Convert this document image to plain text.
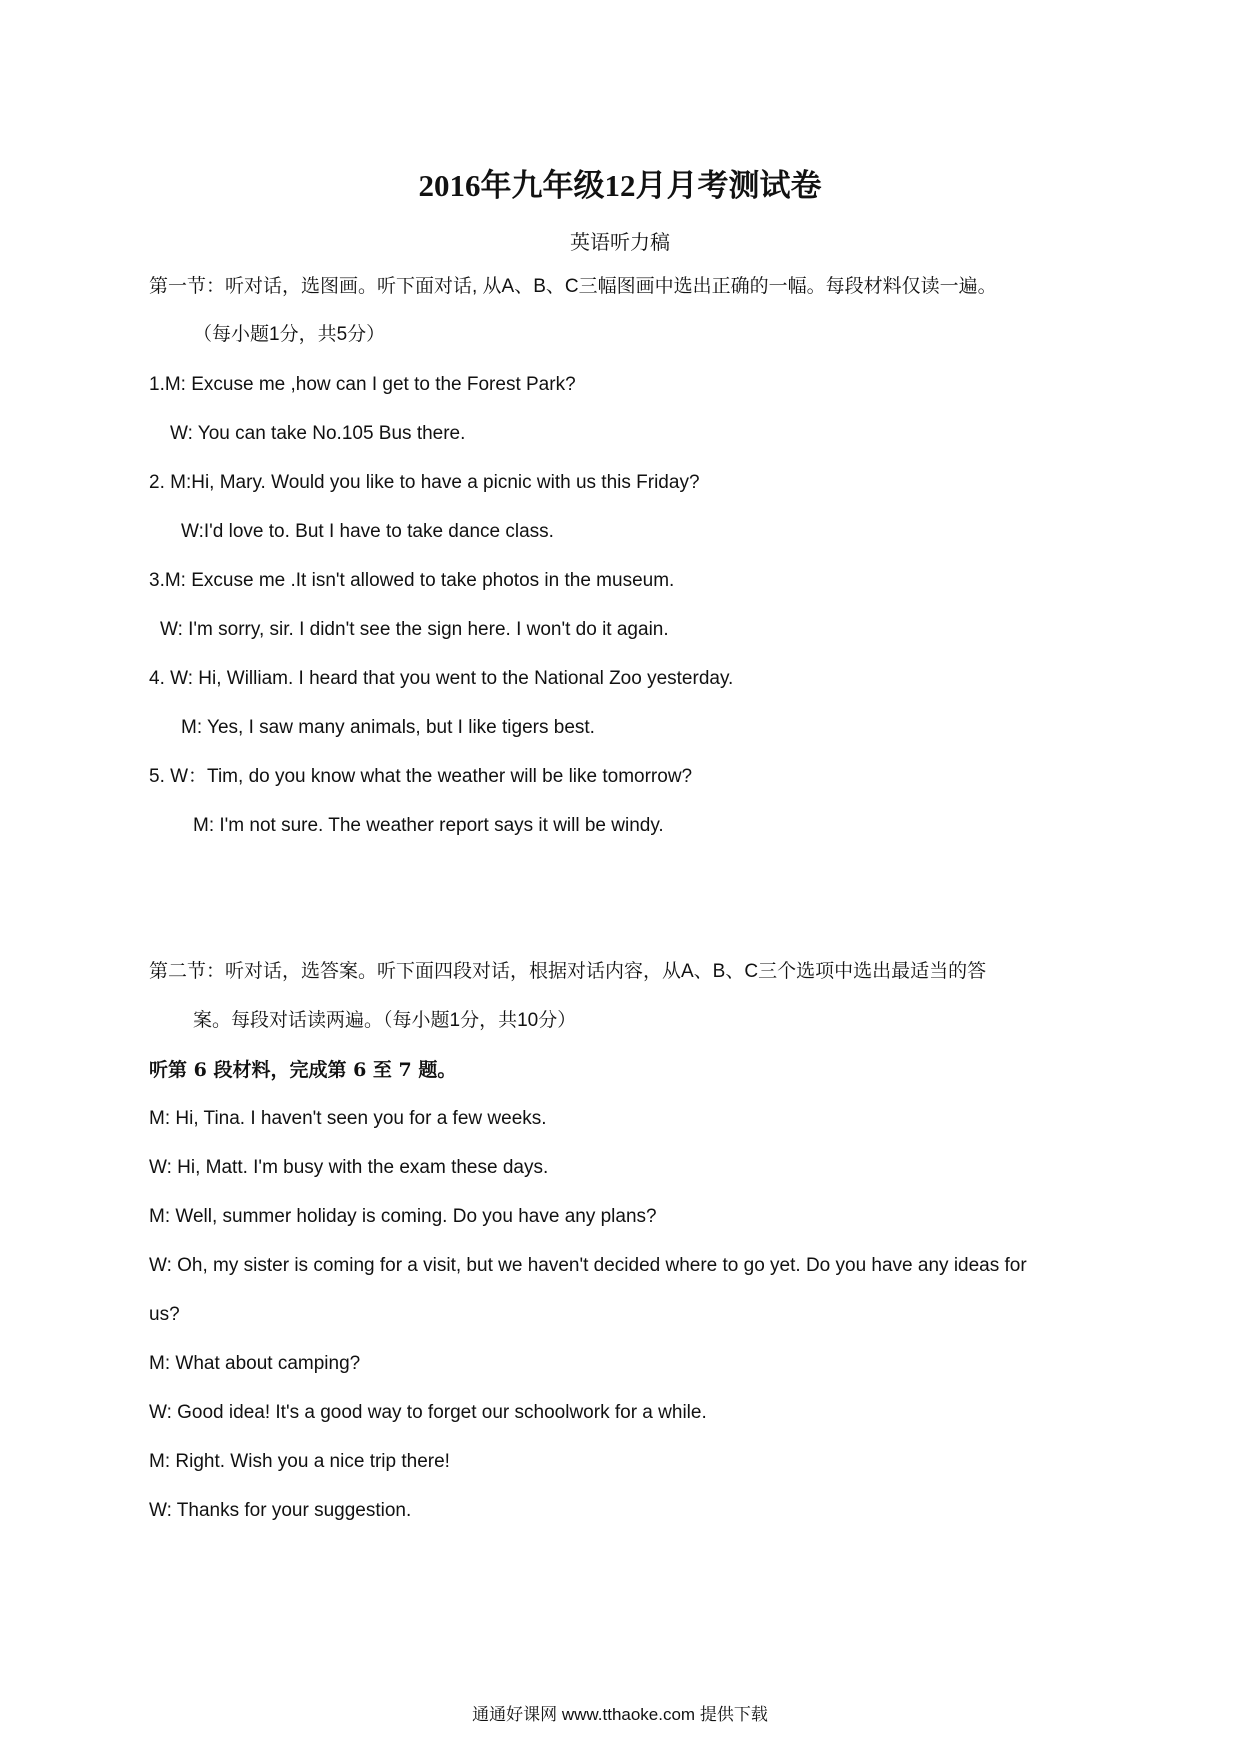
2016年九年级12月月考测试卷
英语听力稿
第一节：听对话，选图画。听下面对话, 从A、B、C三幅图画中选出正确的一幅。每段材料仅读一遍。
（每小题1分，共5分）
1.M: Excuse me ,how can I get to the Forest Park?
W: You can take No.105 Bus there.
2. M:Hi, Mary. Would you like to have a picnic with us this Friday?
W:I'd love to. But I have to take dance class.
3.M: Excuse me .It isn't allowed to take photos in the museum.
W: I'm sorry, sir. I didn't see the sign here. I won't do it again.
4. W: Hi, William. I heard that you went to the National Zoo yesterday.
M: Yes, I saw many animals, but I like tigers best.
5. W：Tim, do you know what the weather will be like tomorrow?
M: I'm not sure. The weather report says it will be windy.
第二节：听对话，选答案。听下面四段对话，根据对话内容，从A、B、C三个选项中选出最适当的答
案。每段对话读两遍。（每小题1分，共10分）
听第 6 段材料，完成第 6 至 7 题。
M: Hi, Tina. I haven't seen you for a few weeks.
W: Hi, Matt. I'm busy with the exam these days.
M: Well, summer holiday is coming. Do you have any plans?
W: Oh, my sister is coming for a visit, but we haven't decided where to go yet. Do you have any ideas for
us?
M: What about camping?
W: Good idea! It's a good way to forget our schoolwork for a while.
M: Right. Wish you a nice trip there!
W: Thanks for your suggestion.
通通好课网 www.tthaoke.com 提供下载
